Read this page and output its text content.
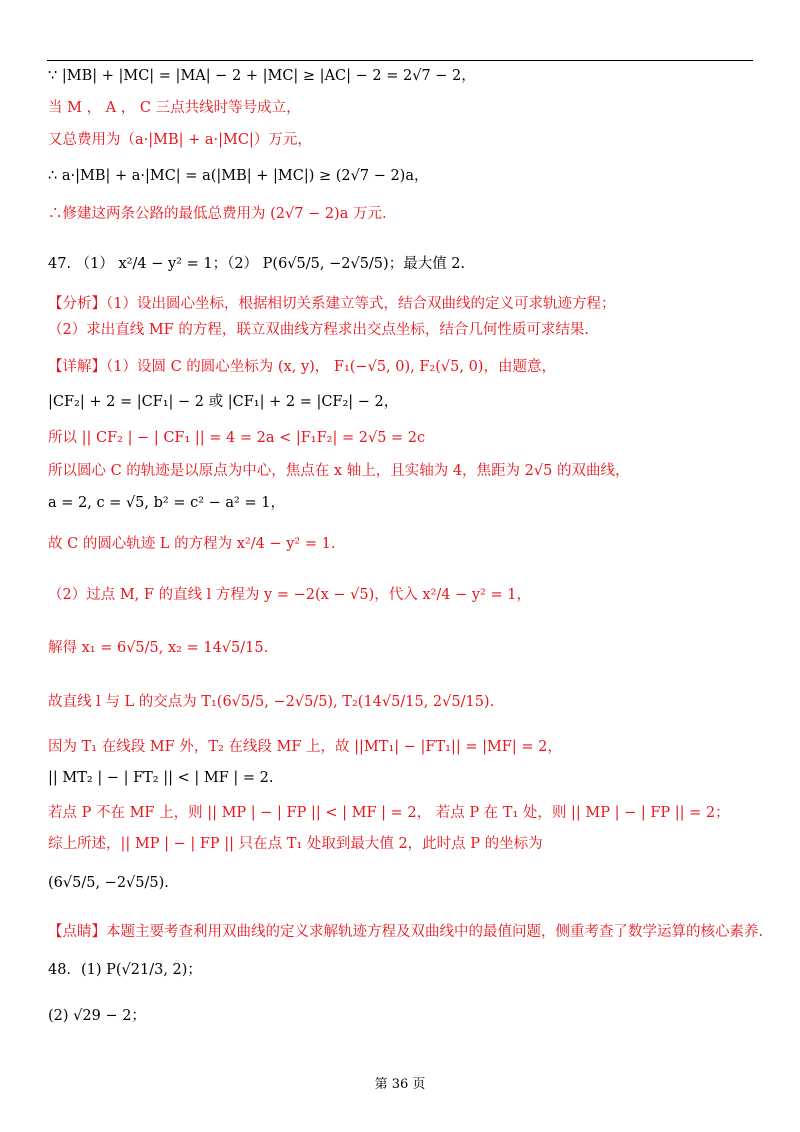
∵ |MB| + |MC| = |MA| − 2 + |MC| ≥ |AC| − 2 = 2√7 − 2，
当 M ， A ， C 三点共线时等号成立，
又总费用为（a·|MB| + a·|MC|）万元，
∴ a·|MB| + a·|MC| = a(|MB| + |MC|) ≥ (2√7 − 2)a，
∴修建这两条公路的最低总费用为 (2√7 − 2)a 万元.
47. （1） x²/4 − y² = 1；（2） P(6√5/5, −2√5/5)；最大值 2.
【分析】（1）设出圆心坐标，根据相切关系建立等式，结合双曲线的定义可求轨迹方程；
（2）求出直线 MF 的方程，联立双曲线方程求出交点坐标，结合几何性质可求结果.
【详解】（1）设圆 C 的圆心坐标为 (x, y)， F₁(−√5, 0), F₂(√5, 0)，由题意，
|CF₂| + 2 = |CF₁| − 2 或 |CF₁| + 2 = |CF₂| − 2，
所以 || CF₂ | − | CF₁ || = 4 = 2a < |F₁F₂| = 2√5 = 2c
所以圆心 C 的轨迹是以原点为中心，焦点在 x 轴上，且实轴为 4，焦距为 2√5 的双曲线，
a = 2, c = √5, b² = c² − a² = 1，
故 C 的圆心轨迹 L 的方程为 x²/4 − y² = 1.
（2）过点 M, F 的直线 l 方程为 y = −2(x − √5)，代入 x²/4 − y² = 1，
解得 x₁ = 6√5/5, x₂ = 14√5/15.
故直线 l 与 L 的交点为 T₁(6√5/5, −2√5/5), T₂(14√5/15, 2√5/15).
因为 T₁ 在线段 MF 外，T₂ 在线段 MF 上，故 ||MT₁| − |FT₁|| = |MF| = 2，
|| MT₂ | − | FT₂ || < | MF | = 2.
若点 P 不在 MF 上，则 || MP | − | FP || < | MF | = 2， 若点 P 在 T₁ 处，则 || MP | − | FP || = 2；
综上所述，|| MP | − | FP || 只在点 T₁ 处取到最大值 2，此时点 P 的坐标为
(6√5/5, −2√5/5).
【点睛】本题主要考查利用双曲线的定义求解轨迹方程及双曲线中的最值问题，侧重考查了数学运算的核心素养.
48．(1) P(√21/3, 2)；
(2) √29 − 2；
第 36 页
